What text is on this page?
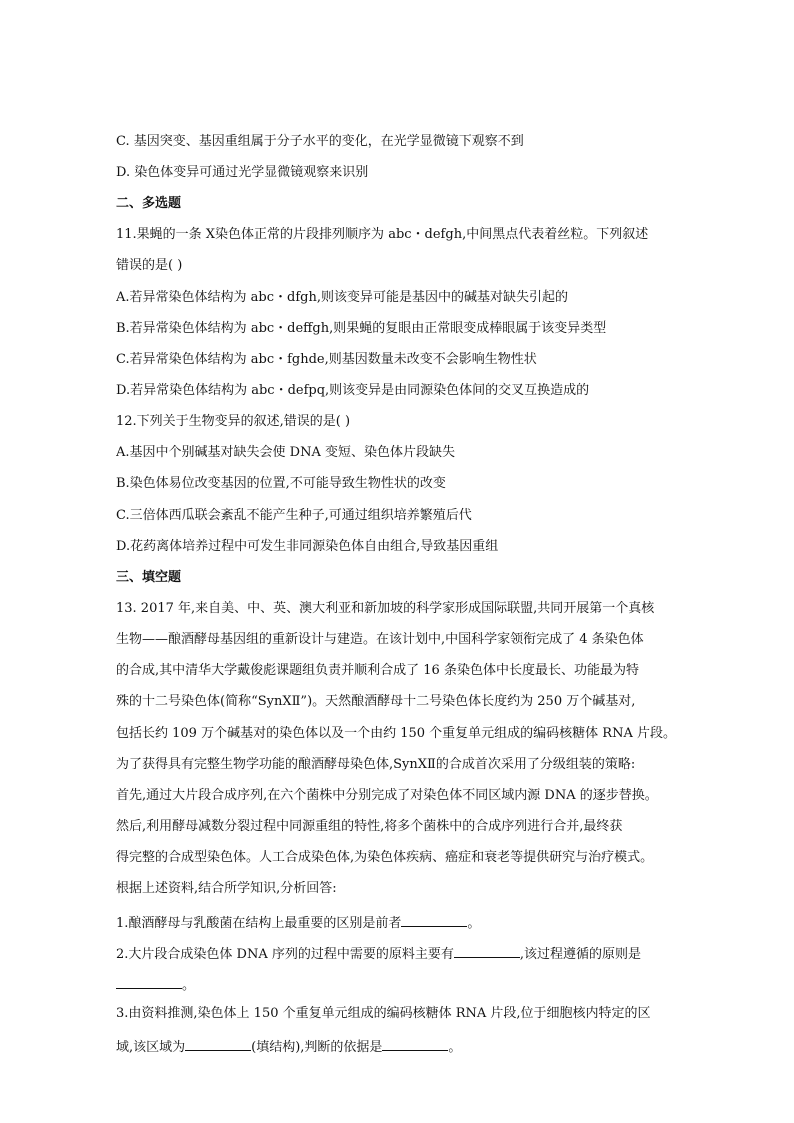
C. 基因突变、基因重组属于分子水平的变化，在光学显微镜下观察不到
D. 染色体变异可通过光学显微镜观察来识别
二、多选题
11.果蝇的一条 X染色体正常的片段排列顺序为 abc・defgh,中间黑点代表着丝粒。下列叙述
错误的是( )
A.若异常染色体结构为 abc・dfgh,则该变异可能是基因中的碱基对缺失引起的
B.若异常染色体结构为 abc・deffgh,则果蝇的复眼由正常眼变成棒眼属于该变异类型
C.若异常染色体结构为 abc・fghde,则基因数量未改变不会影响生物性状
D.若异常染色体结构为 abc・defpq,则该变异是由同源染色体间的交叉互换造成的
12.下列关于生物变异的叙述,错误的是( )
A.基因中个别碱基对缺失会使 DNA 变短、染色体片段缺失
B.染色体易位改变基因的位置,不可能导致生物性状的改变
C.三倍体西瓜联会紊乱不能产生种子,可通过组织培养繁殖后代
D.花药离体培养过程中可发生非同源染色体自由组合,导致基因重组
三、填空题
13. 2017 年,来自美、中、英、澳大利亚和新加坡的科学家形成国际联盟,共同开展第一个真核
生物——酿酒酵母基因组的重新设计与建造。在该计划中,中国科学家领衔完成了 4 条染色体
的合成,其中清华大学戴俊彪课题组负责并顺利合成了 16 条染色体中长度最长、功能最为特
殊的十二号染色体(简称“SynXⅡ”)。天然酿酒酵母十二号染色体长度约为 250 万个碱基对,
包括长约 109 万个碱基对的染色体以及一个由约 150 个重复单元组成的编码核糖体 RNA 片段。
为了获得具有完整生物学功能的酿酒酵母染色体,SynXⅡ的合成首次采用了分级组装的策略:
首先,通过大片段合成序列,在六个菌株中分别完成了对染色体不同区域内源 DNA 的逐步替换。
然后,利用酵母减数分裂过程中同源重组的特性,将多个菌株中的合成序列进行合并,最终获
得完整的合成型染色体。人工合成染色体,为染色体疾病、癌症和衰老等提供研究与治疗模式。
根据上述资料,结合所学知识,分析回答:
1.酿酒酵母与乳酸菌在结构上最重要的区别是前者	。
2.大片段合成染色体 DNA 序列的过程中需要的原料主要有	,该过程遵循的原则是
。
3.由资料推测,染色体上 150 个重复单元组成的编码核糖体 RNA 片段,位于细胞核内特定的区
域,该区域为	(填结构),判断的依据是	。
